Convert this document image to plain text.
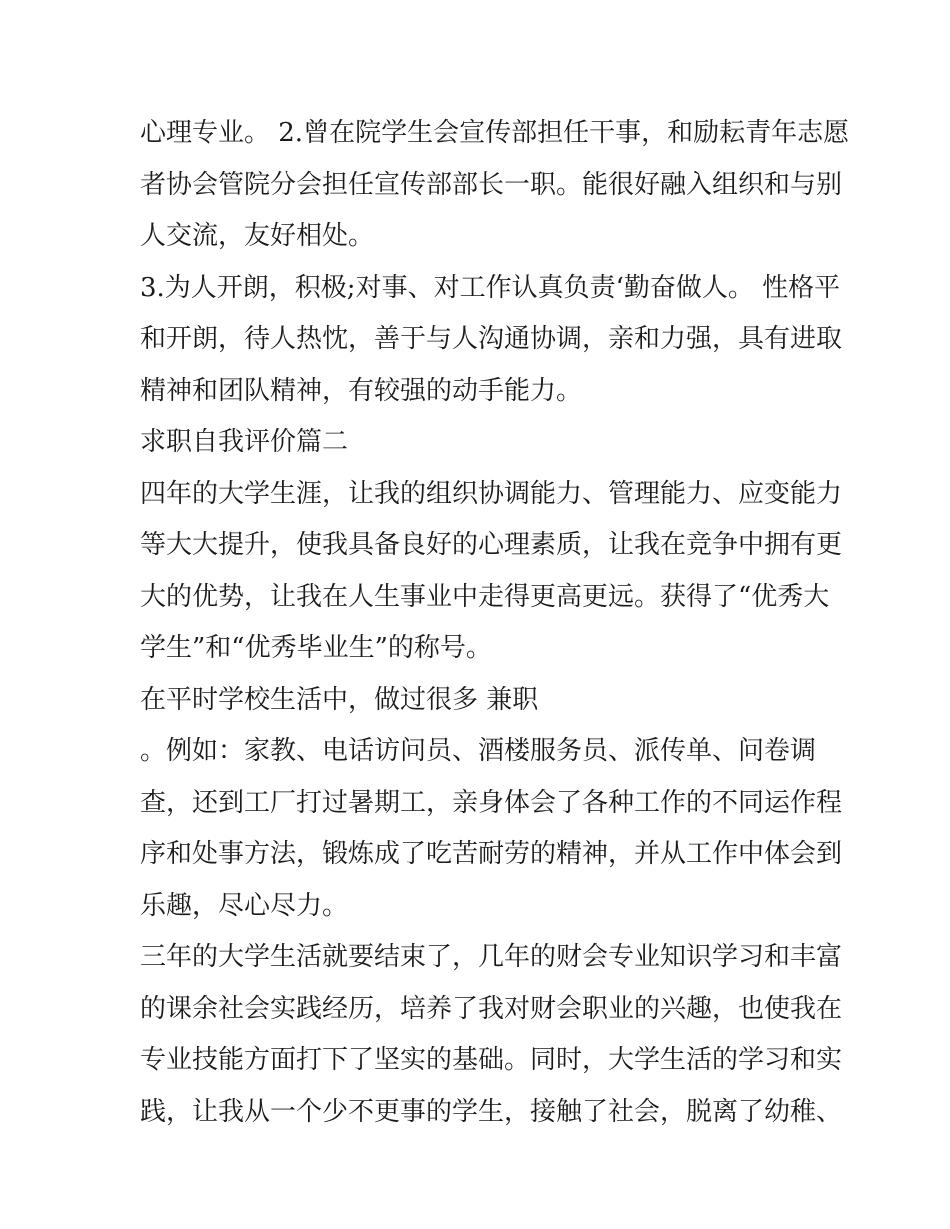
心理专业。 2.曾在院学生会宣传部担任干事，和励耘青年志愿
者协会管院分会担任宣传部部长一职。能很好融入组织和与别
人交流，友好相处。
3.为人开朗，积极;对事、对工作认真负责‘勤奋做人。 性格平
和开朗，待人热忱，善于与人沟通协调，亲和力强，具有进取
精神和团队精神，有较强的动手能力。
求职自我评价篇二
四年的大学生涯，让我的组织协调能力、管理能力、应变能力
等大大提升，使我具备良好的心理素质，让我在竞争中拥有更
大的优势，让我在人生事业中走得更高更远。获得了“优秀大
学生”和“优秀毕业生”的称号。
在平时学校生活中，做过很多 兼职
。例如：家教、电话访问员、酒楼服务员、派传单、问卷调
查，还到工厂打过暑期工，亲身体会了各种工作的不同运作程
序和处事方法，锻炼成了吃苦耐劳的精神，并从工作中体会到
乐趣，尽心尽力。
三年的大学生活就要结束了，几年的财会专业知识学习和丰富
的课余社会实践经历，培养了我对财会职业的兴趣，也使我在
专业技能方面打下了坚实的基础。同时，大学生活的学习和实
践，让我从一个少不更事的学生，接触了社会，脱离了幼稚、
